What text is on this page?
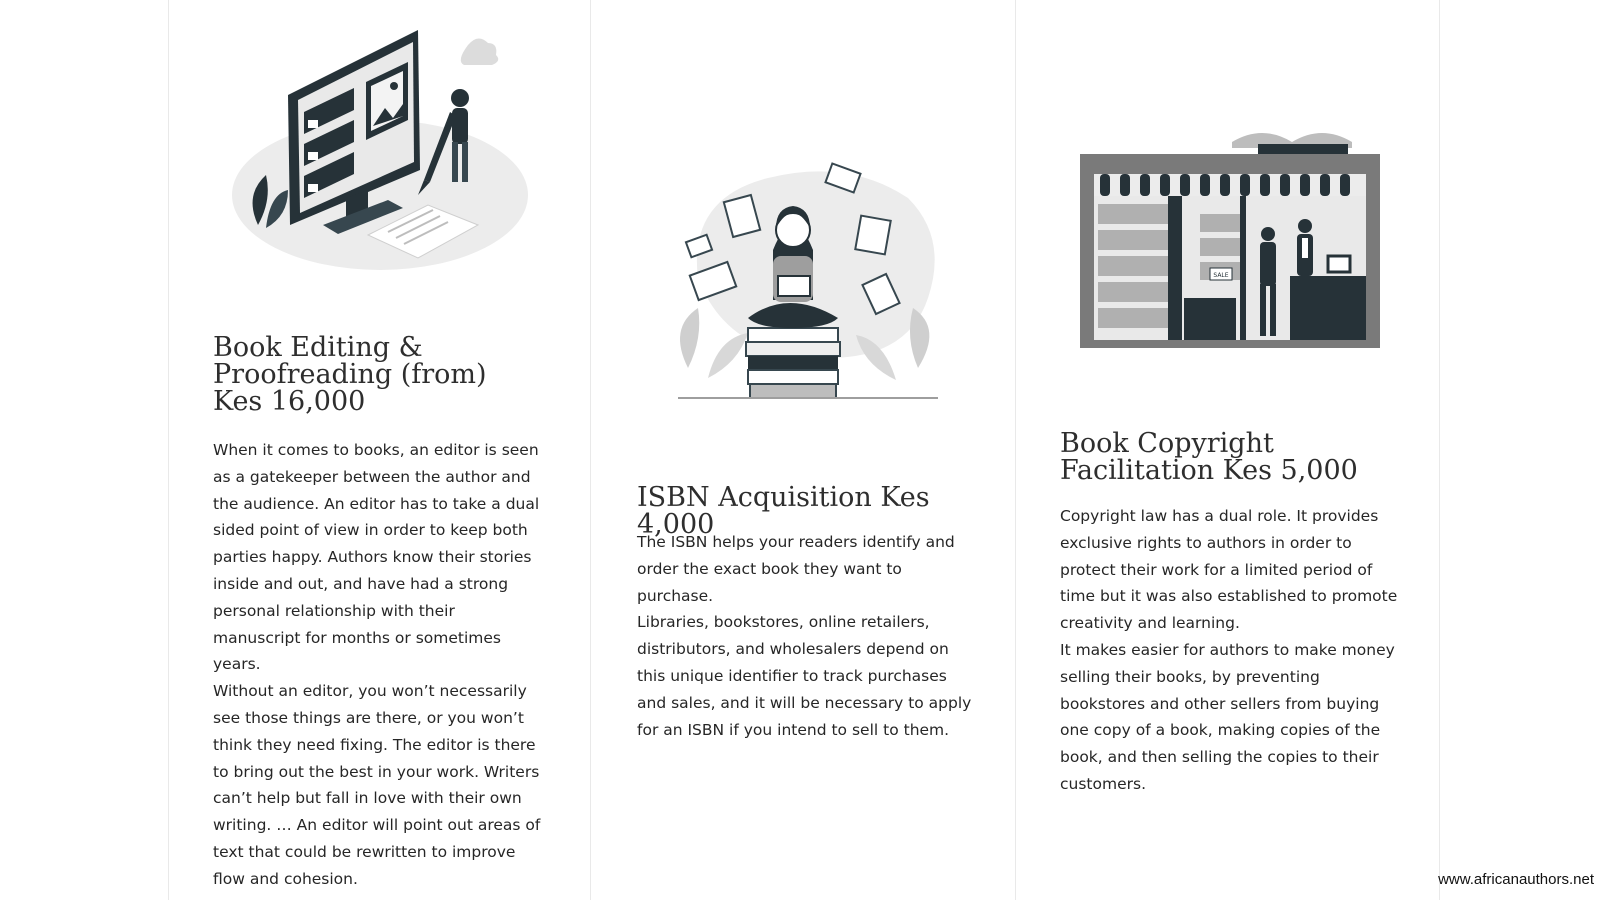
Book Editing & Proofreading (from) Kes 16,000

When it comes to books, an editor is seen as a gatekeeper between the author and the audience. An editor has to take a dual sided point of view in order to keep both parties happy. Authors know their stories inside and out, and have had a strong personal relationship with their manuscript for months or sometimes years.

Without an editor, you won’t necessarily see those things are there, or you won’t think they need fixing. The editor is there to bring out the best in your work. Writers can’t help but fall in love with their own writing. … An editor will point out areas of text that could be rewritten to improve flow and cohesion.

ISBN Acquisition Kes 4,000

The ISBN helps your readers identify and order the exact book they want to purchase.

Libraries, bookstores, online retailers, distributors, and wholesalers depend on this unique identifier to track purchases and sales, and it will be necessary to apply for an ISBN if you intend to sell to them.

SALE
Book Copyright Facilitation Kes 5,000

Copyright law has a dual role. It provides exclusive rights to authors in order to protect their work for a limited period of time but it was also established to promote creativity and learning.

It makes easier for authors to make money selling their books, by preventing bookstores and other sellers from buying one copy of a book, making copies of the book, and then selling the copies to their customers.

www.africanauthors.net
